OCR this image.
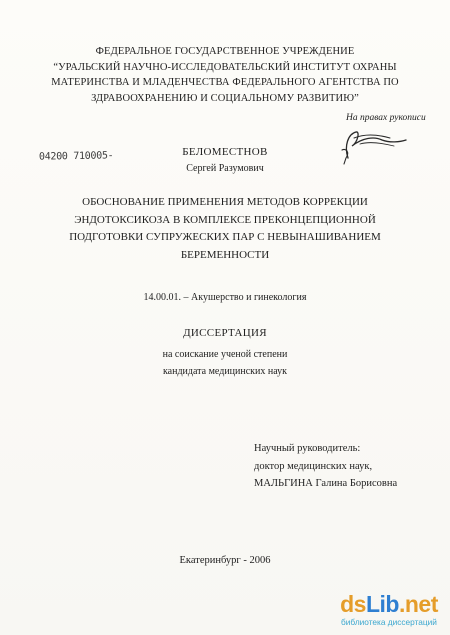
ФЕДЕРАЛЬНОЕ ГОСУДАРСТВЕННОЕ УЧРЕЖДЕНИЕ
“УРАЛЬСКИЙ НАУЧНО-ИССЛЕДОВАТЕЛЬСКИЙ ИНСТИТУТ ОХРАНЫ
МАТЕРИНСТВА И МЛАДЕНЧЕСТВА ФЕДЕРАЛЬНОГО АГЕНТСТВА ПО
ЗДРАВООХРАНЕНИЮ И СОЦИАЛЬНОМУ РАЗВИТИЮ”
На правах рукописи
04200 710005-	БЕЛОМЕСТНОВ
Сергей Разумович
ОБОСНОВАНИЕ ПРИМЕНЕНИЯ МЕТОДОВ КОРРЕКЦИИ
ЭНДОТОКСИКОЗА В КОМПЛЕКСЕ ПРЕКОНЦЕПЦИОННОЙ
ПОДГОТОВКИ СУПРУЖЕСКИХ ПАР С НЕВЫНАШИВАНИЕМ
БЕРЕМЕННОСТИ
14.00.01. – Акушерство и гинекология
ДИССЕРТАЦИЯ
на соискание ученой степени
кандидата медицинских наук
Научный руководитель:
доктор медицинских наук,
МАЛЬГИНА Галина Борисовна
Екатеринбург - 2006
dsLib.net
библиотека диссертаций
